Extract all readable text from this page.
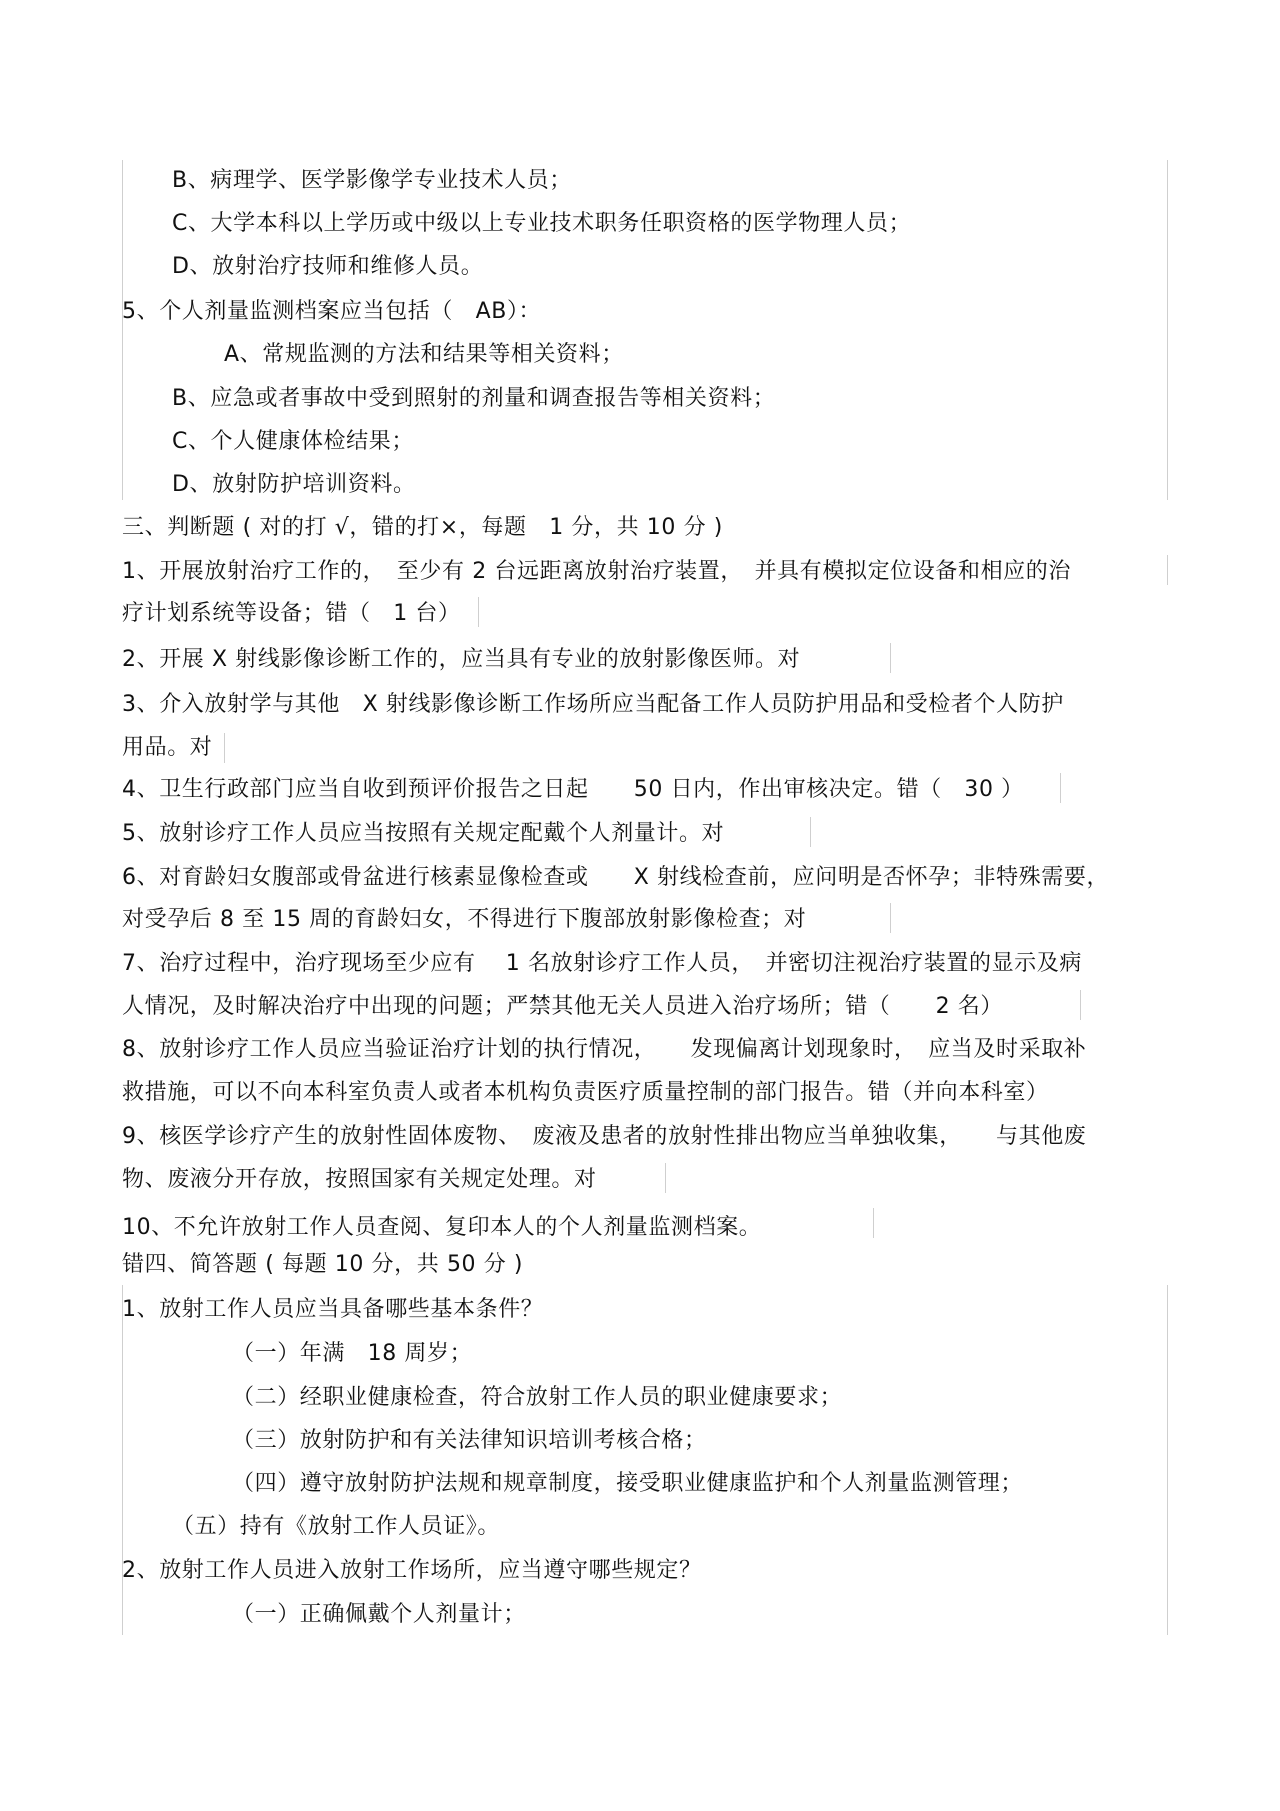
B、病理学、医学影像学专业技术人员；
C、大学本科以上学历或中级以上专业技术职务任职资格的医学物理人员；
D、放射治疗技师和维修人员。
5、个人剂量监测档案应当包括（　AB）：
A、常规监测的方法和结果等相关资料；
B、应急或者事故中受到照射的剂量和调查报告等相关资料；
C、个人健康体检结果；
D、放射防护培训资料。
三、判断题 ( 对的打 √，错的打×，每题　1 分，共 10 分 )
1、开展放射治疗工作的，　至少有 2 台远距离放射治疗装置，　并具有模拟定位设备和相应的治
疗计划系统等设备；错（　1 台）
2、开展 X 射线影像诊断工作的，应当具有专业的放射影像医师。对
3、介入放射学与其他　X 射线影像诊断工作场所应当配备工作人员防护用品和受检者个人防护
用品。对
4、卫生行政部门应当自收到预评价报告之日起　　50 日内，作出审核决定。错（　30 ）
5、放射诊疗工作人员应当按照有关规定配戴个人剂量计。对
6、对育龄妇女腹部或骨盆进行核素显像检查或　　X 射线检查前，应问明是否怀孕；非特殊需要，
对受孕后 8 至 15 周的育龄妇女，不得进行下腹部放射影像检查；对
7、治疗过程中，治疗现场至少应有　 1 名放射诊疗工作人员，　并密切注视治疗装置的显示及病
人情况，及时解决治疗中出现的问题；严禁其他无关人员进入治疗场所；错（　　2 名）
8、放射诊疗工作人员应当验证治疗计划的执行情况，　　发现偏离计划现象时，　应当及时采取补
救措施，可以不向本科室负责人或者本机构负责医疗质量控制的部门报告。错（并向本科室）
9、核医学诊疗产生的放射性固体废物、　废液及患者的放射性排出物应当单独收集，　　与其他废
物、废液分开存放，按照国家有关规定处理。对
10、不允许放射工作人员查阅、复印本人的个人剂量监测档案。
错四、简答题 ( 每题 10 分，共 50 分 )
1、放射工作人员应当具备哪些基本条件？
（一）年满　18 周岁；
（二）经职业健康检查，符合放射工作人员的职业健康要求；
（三）放射防护和有关法律知识培训考核合格；
（四）遵守放射防护法规和规章制度，接受职业健康监护和个人剂量监测管理；
（五）持有《放射工作人员证》。
2、放射工作人员进入放射工作场所，应当遵守哪些规定？
（一）正确佩戴个人剂量计；
